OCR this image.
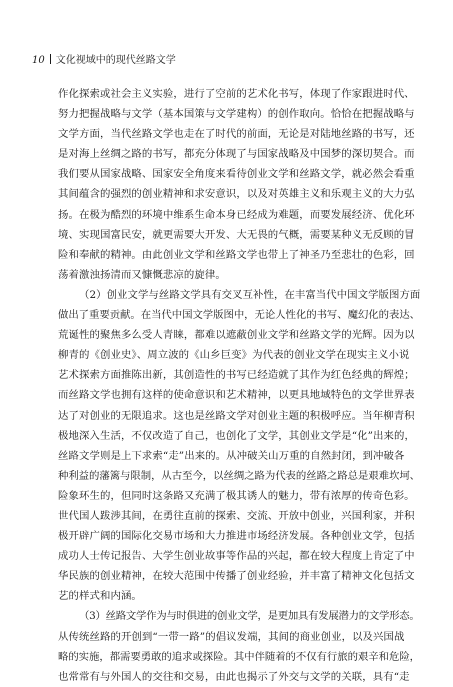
10 文化视域中的现代丝路文学
作化探索或社会主义实验，进行了空前的艺术化书写，体现了作家跟进时代、
努力把握战略与文学（基本国策与文学建构）的创作取向。恰恰在把握战略与
文学方面，当代丝路文学也走在了时代的前面，无论是对陆地丝路的书写，还
是对海上丝绸之路的书写，都充分体现了与国家战略及中国梦的深切契合。而
我们要从国家战略、国家安全角度来看待创业文学和丝路文学，就必然会看重
其间蕴含的强烈的创业精神和求安意识，以及对英雄主义和乐观主义的大力弘
扬。在极为酷烈的环境中维系生命本身已经成为难题，而要发展经济、优化环
境、实现国富民安，就更需要大开发、大无畏的气概，需要某种义无反顾的冒
险和奉献的精神。由此创业文学和丝路文学也带上了神圣乃至悲壮的色彩，回
荡着激浊扬清而又慷慨悲凉的旋律。
（2）创业文学与丝路文学具有交叉互补性，在丰富当代中国文学版图方面
做出了重要贡献。在当代中国文学版图中，无论人性化的书写、魔幻化的表达、
荒诞性的聚焦多么受人青睐，都难以遮蔽创业文学和丝路文学的光辉。因为以
柳青的《创业史》、周立波的《山乡巨变》为代表的创业文学在现实主义小说
艺术探索方面推陈出新，其创造性的书写已经造就了其作为红色经典的辉煌；
而丝路文学也拥有这样的使命意识和艺术精神，以更具地域特色的文学世界表
达了对创业的无限追求。这也是丝路文学对创业主题的积极呼应。当年柳青积
极地深入生活，不仅改造了自己，也创化了文学，其创业文学是“化”出来的，
丝路文学则是上下求索“走”出来的。从冲破关山万重的自然封闭，到冲破各
种利益的藩篱与限制，从古至今，以丝绸之路为代表的丝路之路总是艰难坎坷、
险象环生的，但同时这条路又充满了极其诱人的魅力，带有浓厚的传奇色彩。
世代国人跋涉其间，在勇往直前的探索、交流、开放中创业，兴国利家，并积
极开辟广阔的国际化交易市场和大力推进市场经济发展。各种创业文学，包括
成功人士传记报告、大学生创业故事等作品的兴起，都在较大程度上肯定了中
华民族的创业精神，在较大范围中传播了创业经验，并丰富了精神文化包括文
艺的样式和内涵。
（3）丝路文学作为与时俱进的创业文学，是更加具有发展潜力的文学形态。
从传统丝路的开创到“一带一路”的倡议发端，其间的商业创业，以及兴国战
略的实施，都需要勇敢的追求或探险。其中伴随着的不仅有行旅的艰辛和危险，
也常常有与外国人的交往和交易，由此也揭示了外交与文学的关联，具有“走
